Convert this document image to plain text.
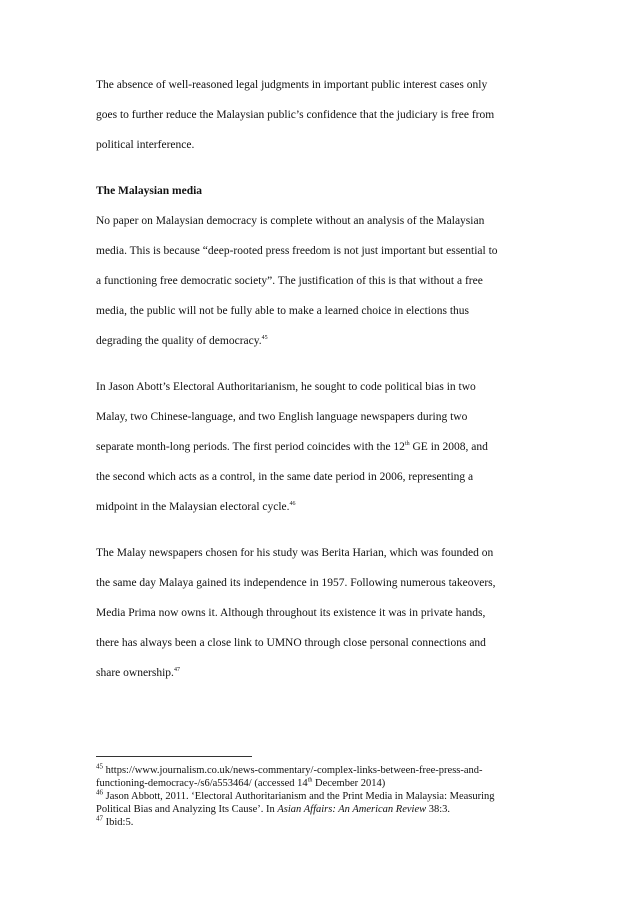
The absence of well-reasoned legal judgments in important public interest cases only
goes to further reduce the Malaysian public’s confidence that the judiciary is free from
political interference.
The Malaysian media
No paper on Malaysian democracy is complete without an analysis of the Malaysian
media. This is because “deep-rooted press freedom is not just important but essential to
a functioning free democratic society”. The justification of this is that without a free
media, the public will not be fully able to make a learned choice in elections thus
degrading the quality of democracy.$^{45}$
In Jason Abott’s Electoral Authoritarianism, he sought to code political bias in two
Malay, two Chinese-language, and two English language newspapers during two
separate month-long periods. The first period coincides with the 12th GE in 2008, and
the second which acts as a control, in the same date period in 2006, representing a
midpoint in the Malaysian electoral cycle.$^{46}$
The Malay newspapers chosen for his study was Berita Harian, which was founded on
the same day Malaya gained its independence in 1957. Following numerous takeovers,
Media Prima now owns it. Although throughout its existence it was in private hands,
there has always been a close link to UMNO through close personal connections and
share ownership.$^{47}$
$^{45}$ https://www.journalism.co.uk/news-commentary/-complex-links-between-free-press-and-
functioning-democracy-/s6/a553464/ (accessed 14th December 2014)
$^{46}$ Jason Abbott, 2011. ‘Electoral Authoritarianism and the Print Media in Malaysia: Measuring
Political Bias and Analyzing Its Cause’. In Asian Affairs: An American Review 38:3.
$^{47}$ Ibid:5.
